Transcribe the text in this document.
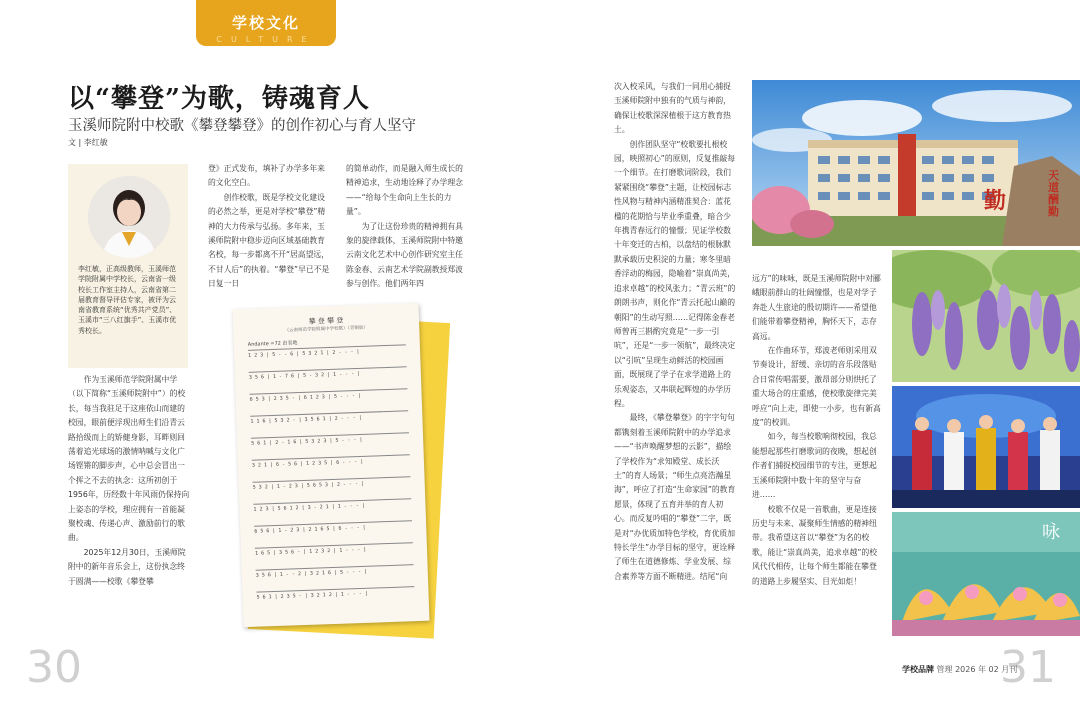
学校文化
CULTURE
以“攀登”为歌，铸魂育人
玉溪师院附中校歌《攀登攀登》的创作初心与育人坚守
文 | 李红敏
李红敏，正高级教师，玉溪师范学院附属中学校长，云南省一级校长工作室主持人，云南省第二届教育督导评估专家，被评为云南省教育系统“优秀共产党员”、玉溪市“三八红旗手”、玉溪市优秀校长。

作为玉溪师范学院附属中学（以下简称“玉溪师院附中”）的校长，每当我驻足于这座依山而建的校园，眼前便浮现出师生们沿青云路拾级而上的矫健身影，耳畔则回荡着追光球场的激情呐喊与文化广场铿锵的脚步声，心中总会冒出一个挥之不去的执念：这所初创于1956年，历经数十年风雨仍保持向上姿态的学校，理应拥有一首能凝聚校魂、传递心声、激励前行的歌曲。

2025年12月30日，玉溪师院附中的新年音乐会上，这份执念终于圆满——校歌《攀登攀

登》正式发布，填补了办学多年来的文化空白。

创作校歌，既是学校文化建设的必然之举，更是对学校“攀登”精神的大力传承与弘扬。多年来，玉溪师院附中稳步迈向区域基础教育名校，每一步都离不开“居高望远，不甘人后”的执着。“攀登”早已不是日复一日

的简单动作，而是融入师生成长的精神追求，生动地诠释了办学理念——“给每个生命向上生长的力量”。

为了让这份珍贵的精神拥有具象的旋律载体，玉溪师院附中特邀云南文化艺术中心创作研究室主任陈金春、云南艺术学院副教授郑波参与创作。他们两年四

攀 登 攀 登
（云南师范学院附属中学校歌）（青铜版）
Andante =72 由衷地
1 2 3 | 5 - - 6 | 5 3 2 1 | 2 - - - |
3 5 6 | 1 - 7 6 | 5 - 3 2 | 1 - - - |
6 5 3 | 2 3 5 - | 6 1 2 3 | 5 - - - |
1 1 6 | 5 3 2 - | 3 5 6 1 | 2 - - - |
5 6 1 | 2 - 1 6 | 5 3 2 3 | 5 - - - |
3 2 1 | 6 - 5 6 | 1 2 3 5 | 6 - - - |
5 3 2 | 1 - 2 3 | 5 6 5 3 | 2 - - - |
1 2 3 | 5 6 1 2 | 3 - 2 1 | 1 - - - |
6 5 6 | 1 - 2 3 | 2 1 6 5 | 6 - - - |
1 6 5 | 3 5 6 - | 1 2 3 2 | 1 - - - |
3 5 6 | 1 - - 2 | 3 2 1 6 | 5 - - - |
5 6 1 | 2 3 5 - | 3 2 1 2 | 1 - - - |

次入校采风，与我们一同用心捕捉玉溪师院附中独有的气质与神韵，确保让校歌深深植根于这方教育热土。

创作团队坚守“校歌要扎根校园，映照初心”的原则，反复推敲每一个细节。在打磨歌词阶段，我们紧紧围绕“攀登”主题，让校园标志性风物与精神内涵精准契合：蓝花楹的花期恰与毕业季重叠，暗合少年携青春远行的憧憬；见证学校数十年变迁的古柏，以盘结的根脉默默承载历史积淀的力量；寒冬里暗香浮动的梅园，隐喻着“崇真尚美，追求卓越”的校风张力；“青云班”的朗朗书声，则化作“青云托起山巅的朝阳”的生动写照……记得陈金春老师曾再三斟酌究竟是“一步一引吭”，还是“一步一领航”，最终决定以“引吭”呈现生动鲜活的校园画面，既展现了学子在求学道路上的乐观姿态，又串联起辉煌的办学历程。

最终，《攀登攀登》的字字句句都镌刻着玉溪师院附中的办学追求——“书声唤醒梦想的云影”，描绘了学校作为“求知殿堂、成长沃土”的育人场景；“师生点亮浩瀚星海”，呼应了打造“生命家园”的教育愿景，体现了五育并举的育人初心。而反复吟唱的“攀登”二字，既是对“办优质加特色学校，育优质加特长学生”办学目标的坚守，更诠释了师生在道德修炼、学业发展、综合素养等方面不断精进。结尾“向

远方”的味咏，既是玉溪师院附中对郦峨眼前群山的壮阔憧憬，也是对学子奔赴人生旅途的殷切期许——希望他们能带着攀登精神，胸怀天下，志存高远。

在作曲环节，郑波老师则采用双节奏设计，舒缓、亲切的音乐段落贴合日常传唱需要，激昂部分则烘托了重大场合的庄重感，使校歌旋律完美呼应“向上走，即使一小步，也有新高度”的校训。

如今，每当校歌响彻校园，我总能想起那些打磨歌词的夜晚，想起创作者们捕捉校园细节的专注，更想起玉溪师院附中数十年的坚守与奋进……

校歌不仅是一首歌曲，更是连接历史与未来、凝聚师生情感的精神纽带。我希望这首以“攀登”为名的校歌，能让“崇真尚美，追求卓越”的校风代代相传，让每个师生都能在攀登的道路上步履坚实、目光如炬！

勤
天道酬勤
咏
30	31
学校品牌 管理 2026 年 02 月刊
